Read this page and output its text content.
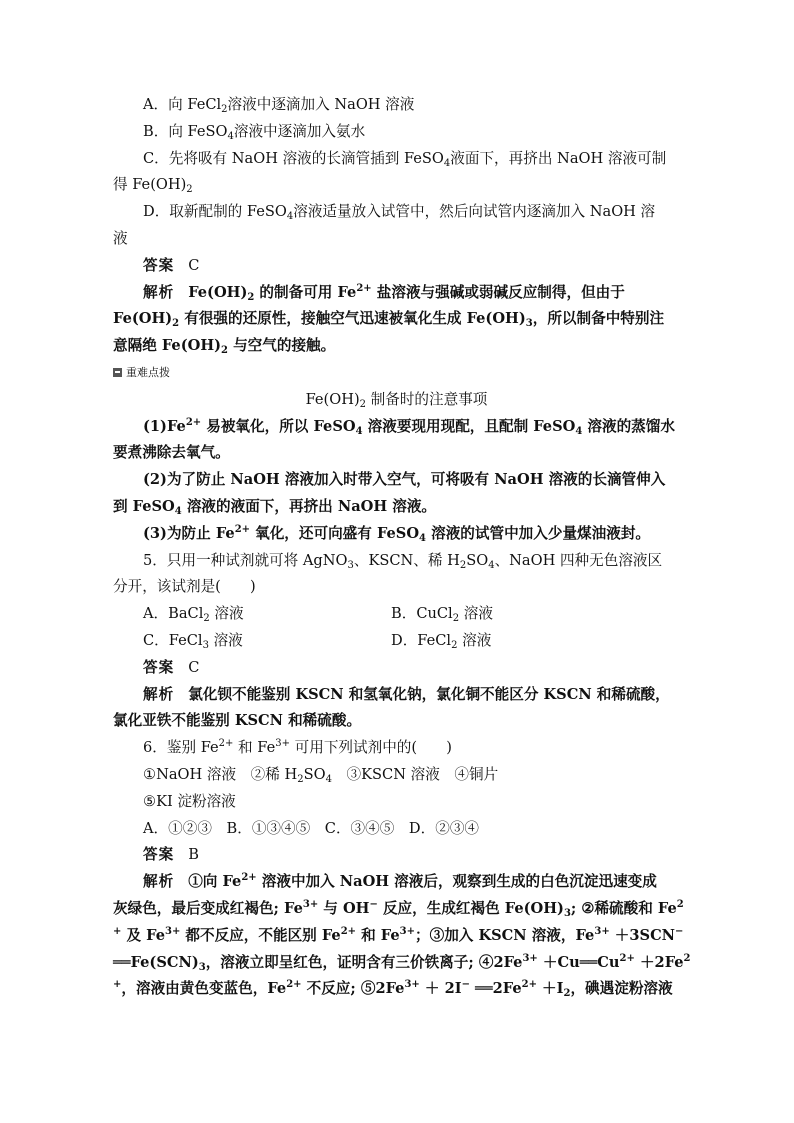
A．向 FeCl$_2$溶液中逐滴加入 NaOH 溶液
B．向 FeSO$_4$溶液中逐滴加入氨水
C．先将吸有 NaOH 溶液的长滴管插到 FeSO$_4$液面下，再挤出 NaOH 溶液可制
得 $Fe(OH)_2$
D．取新配制的 FeSO$_4$溶液适量放入试管中，然后向试管内逐滴加入 NaOH 溶
液
答案 C
解析 $Fe(OH)_2$ 的制备可用 $Fe^{2+}$ 盐溶液与强碱或弱碱反应制得，但由于
$Fe(OH)_2$ 有很强的还原性，接触空气迅速被氧化生成 $Fe(OH)_3$，所以制备中特别注
意隔绝 $Fe(OH)_2$ 与空气的接触。
重难点拨
$Fe(OH)_2$ 制备时的注意事项
$(1)Fe^{2+}$ 易被氧化，所以 FeSO$_4$ 溶液要现用现配，且配制 FeSO$_4$ 溶液的蒸馏水
要煮沸除去氧气。
(2)为了防止 NaOH 溶液加入时带入空气，可将吸有 NaOH 溶液的长滴管伸入
到 FeSO$_4$ 溶液的液面下，再挤出 NaOH 溶液。
(3)为防止 $Fe^{2+}$ 氧化，还可向盛有 FeSO$_4$ 溶液的试管中加入少量煤油液封。
5．只用一种试剂就可将 AgNO$_3$、KSCN、稀 $H_2SO_4$、NaOH 四种无色溶液区
分开，该试剂是(　　)
A．BaCl$_2$ 溶液	B．CuCl$_2$ 溶液
C．FeCl$_3$ 溶液	D．FeCl$_2$ 溶液
答案 C
解析 氯化钡不能鉴别 KSCN 和氢氧化钠，氯化铜不能区分 KSCN 和稀硫酸，
氯化亚铁不能鉴别 KSCN 和稀硫酸。
6．鉴别 $Fe^{2+}$ 和 $Fe^{3+}$ 可用下列试剂中的(　　)
①NaOH 溶液　②稀 $H_2SO_4$　③KSCN 溶液　④铜片
⑤KI 淀粉溶液
A．①②③　B．①③④⑤　C．③④⑤　D．②③④
答案 B
解析 ①向 $Fe^{2+}$ 溶液中加入 NaOH 溶液后，观察到生成的白色沉淀迅速变成
灰绿色，最后变成红褐色; $Fe^{3+}$ 与 OH− 反应，生成红褐色 $Fe(OH)_3$; ②稀硫酸和 Fe$^2$
+ 及 $Fe^{3+}$ 都不反应，不能区别 $Fe^{2+}$ 和 $Fe^{3+}$；③加入 KSCN 溶液，$Fe^{3+} +3SCN^-$
$══Fe(SCN)_3$，溶液立即呈红色，证明含有三价铁离子; $④2Fe^{3+}$ $+Cu══Cu^{2+} +2Fe^2$
+，溶液由黄色变蓝色，$Fe^{2+}$ 不反应; $⑤2Fe^{3+} + 2I^-$ $══2Fe^{2+} +I_2$，碘遇淀粉溶液
